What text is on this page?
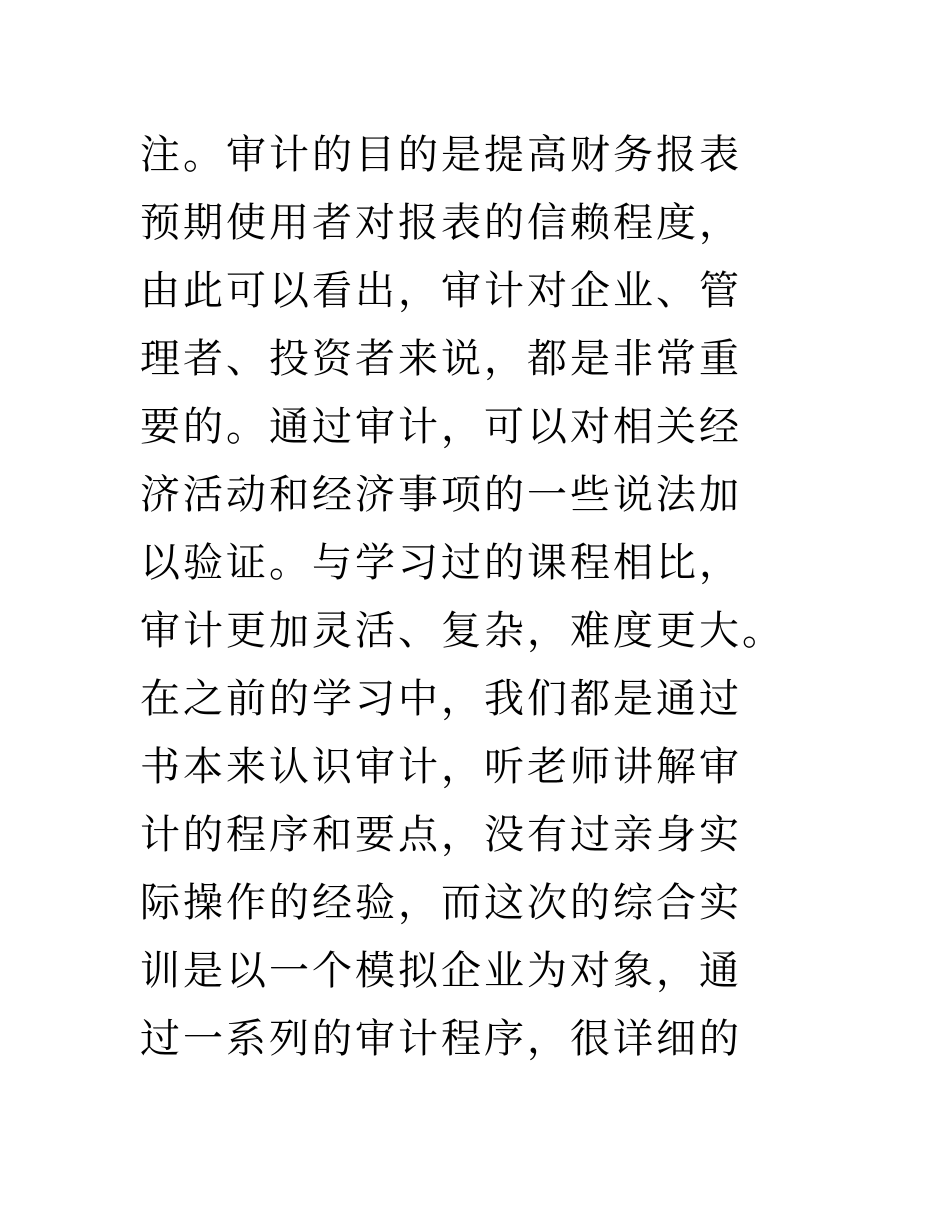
注。审计的目的是提高财务报表
预期使用者对报表的信赖程度，
由此可以看出，审计对企业、管
理者、投资者来说，都是非常重
要的。通过审计，可以对相关经
济活动和经济事项的一些说法加
以验证。与学习过的课程相比，
审计更加灵活、复杂，难度更大。
在之前的学习中，我们都是通过
书本来认识审计，听老师讲解审
计的程序和要点，没有过亲身实
际操作的经验，而这次的综合实
训是以一个模拟企业为对象，通
过一系列的审计程序，很详细的
